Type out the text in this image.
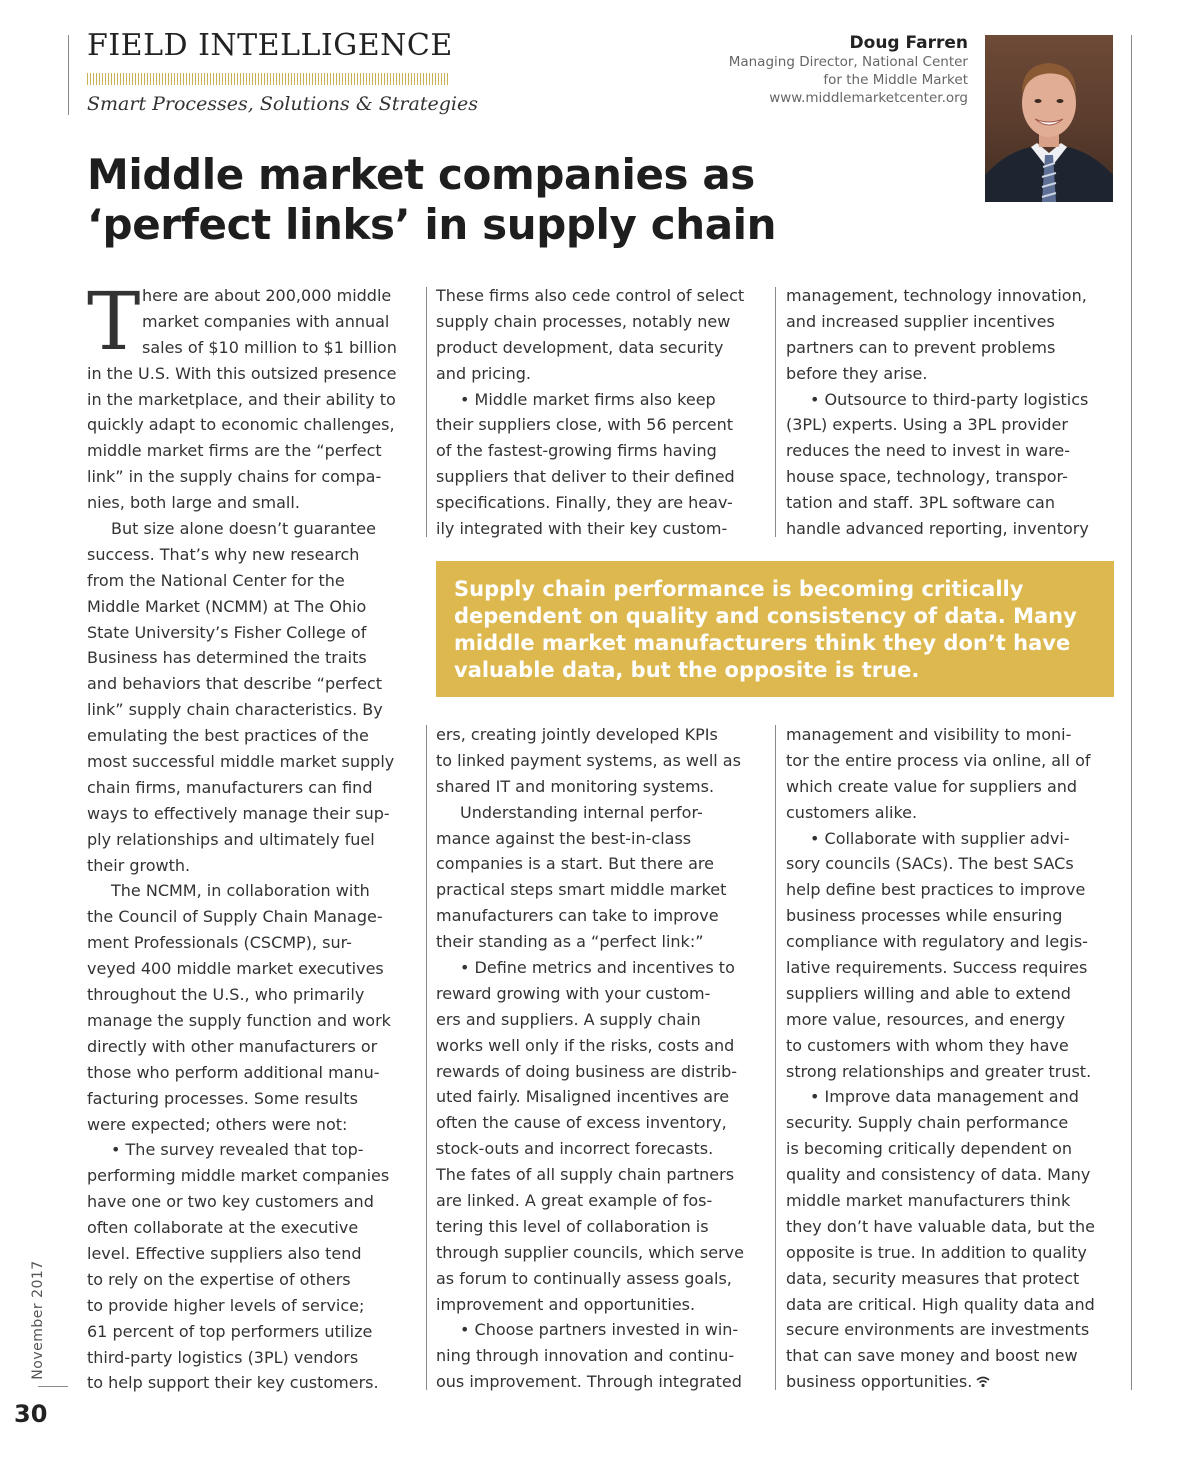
FIELD INTELLIGENCE

Smart Processes, Solutions & Strategies

Doug Farren
Managing Director, National Center
for the Middle Market
www.middlemarketcenter.org
Middle market companies as
‘perfect links’ in supply chain
T here are about 200,000 middle
market companies with annual
sales of $10 million to $1 billion
in the U.S. With this outsized presence
in the marketplace, and their ability to
quickly adapt to economic challenges,
middle market firms are the “perfect
link” in the supply chains for compa-
nies, both large and small.
But size alone doesn’t guarantee
success. That’s why new research
from the National Center for the
Middle Market (NCMM) at The Ohio
State University’s Fisher College of
Business has determined the traits
and behaviors that describe “perfect
link” supply chain characteristics. By
emulating the best practices of the
most successful middle market supply
chain firms, manufacturers can find
ways to effectively manage their sup-
ply relationships and ultimately fuel
their growth.
The NCMM, in collaboration with
the Council of Supply Chain Manage-
ment Professionals (CSCMP), sur-
veyed 400 middle market executives
throughout the U.S., who primarily
manage the supply function and work
directly with other manufacturers or
those who perform additional manu-
facturing processes. Some results
were expected; others were not:
• The survey revealed that top-
performing middle market companies
have one or two key customers and
often collaborate at the executive
level. Effective suppliers also tend
to rely on the expertise of others
to provide higher levels of service;
61 percent of top performers utilize
third-party logistics (3PL) vendors
to help support their key customers.
These firms also cede control of select
supply chain processes, notably new
product development, data security
and pricing.
• Middle market firms also keep
their suppliers close, with 56 percent
of the fastest-growing firms having
suppliers that deliver to their defined
specifications. Finally, they are heav-
ily integrated with their key custom-
management, technology innovation,
and increased supplier incentives
partners can to prevent problems
before they arise.
• Outsource to third-party logistics
(3PL) experts. Using a 3PL provider
reduces the need to invest in ware-
house space, technology, transpor-
tation and staff. 3PL software can
handle advanced reporting, inventory
Supply chain performance is becoming critically
dependent on quality and consistency of data. Many
middle market manufacturers think they don’t have
valuable data, but the opposite is true.
ers, creating jointly developed KPIs
to linked payment systems, as well as
shared IT and monitoring systems.
Understanding internal perfor-
mance against the best-in-class
companies is a start. But there are
practical steps smart middle market
manufacturers can take to improve
their standing as a “perfect link:”
• Define metrics and incentives to
reward growing with your custom-
ers and suppliers. A supply chain
works well only if the risks, costs and
rewards of doing business are distrib-
uted fairly. Misaligned incentives are
often the cause of excess inventory,
stock-outs and incorrect forecasts.
The fates of all supply chain partners
are linked. A great example of fos-
tering this level of collaboration is
through supplier councils, which serve
as forum to continually assess goals,
improvement and opportunities.
• Choose partners invested in win-
ning through innovation and continu-
ous improvement. Through integrated
management and visibility to moni-
tor the entire process via online, all of
which create value for suppliers and
customers alike.
• Collaborate with supplier advi-
sory councils (SACs). The best SACs
help define best practices to improve
business processes while ensuring
compliance with regulatory and legis-
lative requirements. Success requires
suppliers willing and able to extend
more value, resources, and energy
to customers with whom they have
strong relationships and greater trust.
• Improve data management and
security. Supply chain performance
is becoming critically dependent on
quality and consistency of data. Many
middle market manufacturers think
they don’t have valuable data, but the
opposite is true. In addition to quality
data, security measures that protect
data are critical. High quality data and
secure environments are investments
that can save money and boost new
business opportunities.
November 2017
30
